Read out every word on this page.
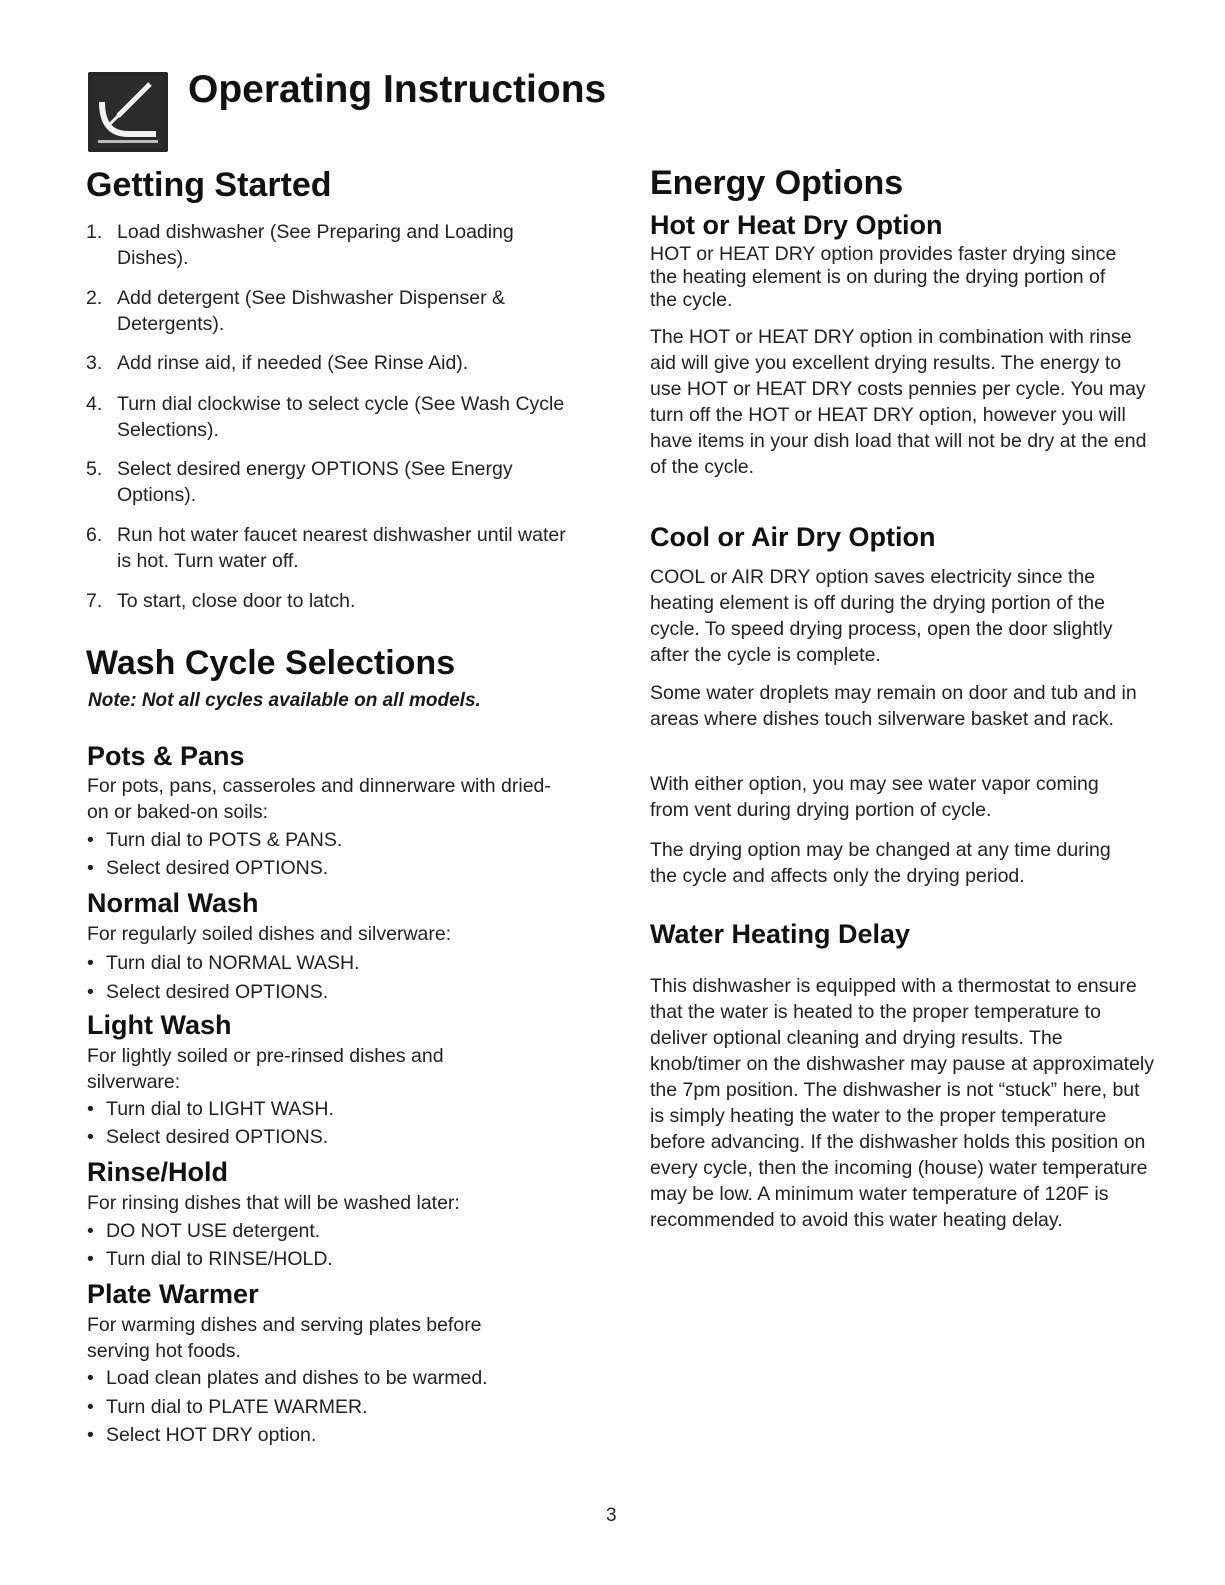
Operating Instructions
Getting Started
1. Load dishwasher (See Preparing and Loading Dishes).
2. Add detergent (See Dishwasher Dispenser & Detergents).
3. Add rinse aid, if needed (See Rinse Aid).
4. Turn dial clockwise to select cycle (See Wash Cycle Selections).
5. Select desired energy OPTIONS (See Energy Options).
6. Run hot water faucet nearest dishwasher until water is hot. Turn water off.
7. To start, close door to latch.
Wash Cycle Selections
Note: Not all cycles available on all models.
Pots & Pans
For pots, pans, casseroles and dinnerware with dried-on or baked-on soils:
• Turn dial to POTS & PANS.
• Select desired OPTIONS.
Normal Wash
For regularly soiled dishes and silverware:
• Turn dial to NORMAL WASH.
• Select desired OPTIONS.
Light Wash
For lightly soiled or pre-rinsed dishes and silverware:
• Turn dial to LIGHT WASH.
• Select desired OPTIONS.
Rinse/Hold
For rinsing dishes that will be washed later:
• DO NOT USE detergent.
• Turn dial to RINSE/HOLD.
Plate Warmer
For warming dishes and serving plates before serving hot foods.
• Load clean plates and dishes to be warmed.
• Turn dial to PLATE WARMER.
• Select HOT DRY option.
Energy Options
Hot or Heat Dry Option
HOT or HEAT DRY option provides faster drying since the heating element is on during the drying portion of the cycle.
The HOT or HEAT DRY option in combination with rinse aid will give you excellent drying results. The energy to use HOT or HEAT DRY costs pennies per cycle. You may turn off the HOT or HEAT DRY option, however you will have items in your dish load that will not be dry at the end of the cycle.
Cool or Air Dry Option
COOL or AIR DRY option saves electricity since the heating element is off during the drying portion of the cycle. To speed drying process, open the door slightly after the cycle is complete.
Some water droplets may remain on door and tub and in areas where dishes touch silverware basket and rack.
With either option, you may see water vapor coming from vent during drying portion of cycle.
The drying option may be changed at any time during the cycle and affects only the drying period.
Water Heating Delay
This dishwasher is equipped with a thermostat to ensure that the water is heated to the proper temperature to deliver optional cleaning and drying results. The knob/timer on the dishwasher may pause at approximately the 7pm position. The dishwasher is not “stuck” here, but is simply heating the water to the proper temperature before advancing. If the dishwasher holds this position on every cycle, then the incoming (house) water temperature may be low. A minimum water temperature of 120F is recommended to avoid this water heating delay.
3
